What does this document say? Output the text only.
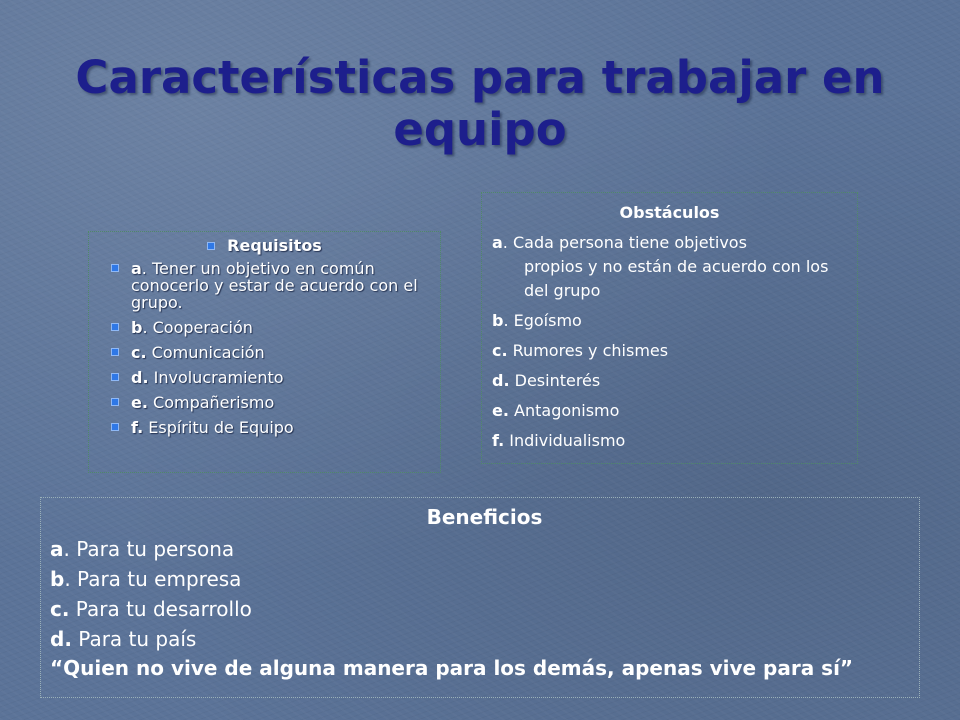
Características para trabajar en equipo
Requisitos
a. Tener un objetivo en común conocerlo y estar de acuerdo con el grupo.
b. Cooperación
c. Comunicación
d. Involucramiento
e. Compañerismo
f. Espíritu de Equipo
Obstáculos
a. Cada persona tiene objetivos
propios y no están de acuerdo con los del grupo
b. Egoísmo
c. Rumores y chismes
d. Desinterés
e. Antagonismo
f. Individualismo
Beneficios
a. Para tu persona
b. Para tu empresa
c. Para tu desarrollo
d. Para tu país
“Quien no vive de alguna manera para los demás, apenas vive para sí”
